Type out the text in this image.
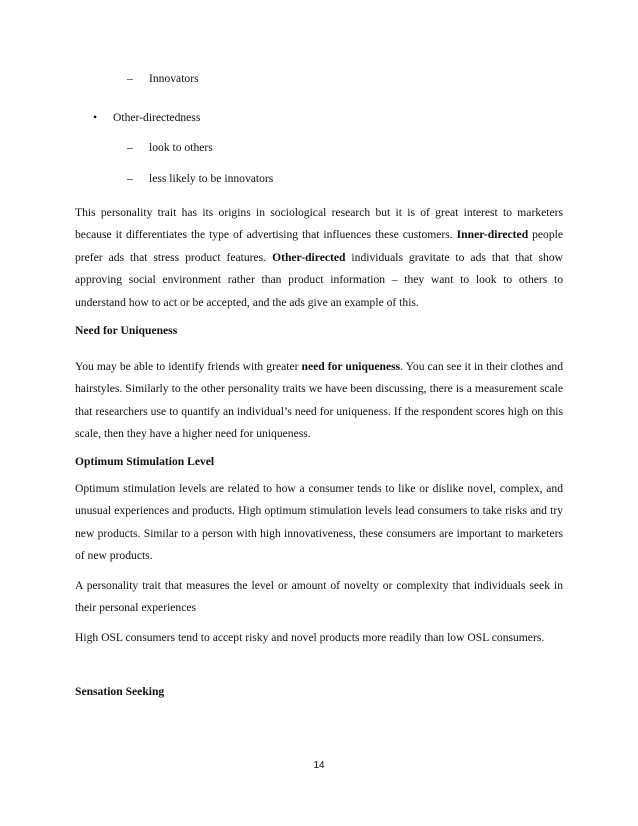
– Innovators
• Other-directedness
– look to others
– less likely to be innovators
This personality trait has its origins in sociological research but it is of great interest to marketers because it differentiates the type of advertising that influences these customers. Inner-directed people prefer ads that stress product features. Other-directed individuals gravitate to ads that that show approving social environment rather than product information – they want to look to others to understand how to act or be accepted, and the ads give an example of this.
Need for Uniqueness
You may be able to identify friends with greater need for uniqueness. You can see it in their clothes and hairstyles. Similarly to the other personality traits we have been discussing, there is a measurement scale that researchers use to quantify an individual’s need for uniqueness. If the respondent scores high on this scale, then they have a higher need for uniqueness.
Optimum Stimulation Level
Optimum stimulation levels are related to how a consumer tends to like or dislike novel, complex, and unusual experiences and products. High optimum stimulation levels lead consumers to take risks and try new products. Similar to a person with high innovativeness, these consumers are important to marketers of new products.
A personality trait that measures the level or amount of novelty or complexity that individuals seek in their personal experiences
High OSL consumers tend to accept risky and novel products more readily than low OSL consumers.
Sensation Seeking
14
